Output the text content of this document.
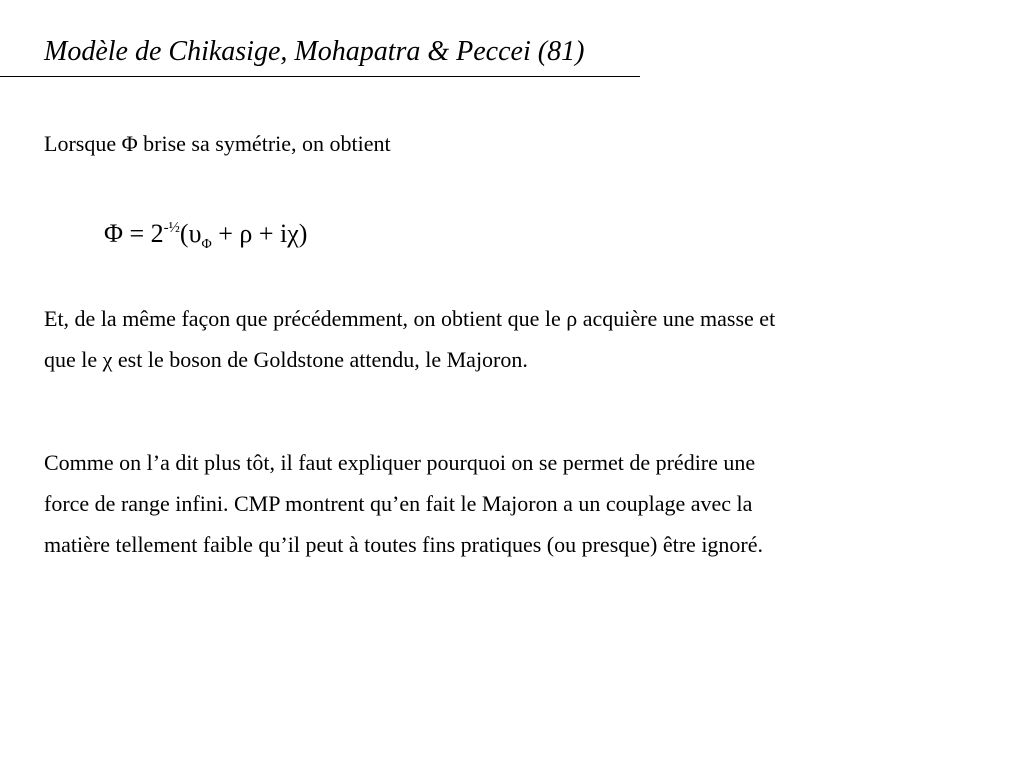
Modèle de Chikasige, Mohapatra & Peccei (81)
Lorsque Φ brise sa symétrie, on obtient
$\Phi = 2^{-\frac{1}{2}}(\upsilon_\Phi + \rho + i\chi)$
Et, de la même façon que précédemment, on obtient que le ρ acquière une masse et
que le χ est le boson de Goldstone attendu, le Majoron.
Comme on l’a dit plus tôt, il faut expliquer pourquoi on se permet de prédire une
force de range infini. CMP montrent qu’en fait le Majoron a un couplage avec la
matière tellement faible qu’il peut à toutes fins pratiques (ou presque) être ignoré.
